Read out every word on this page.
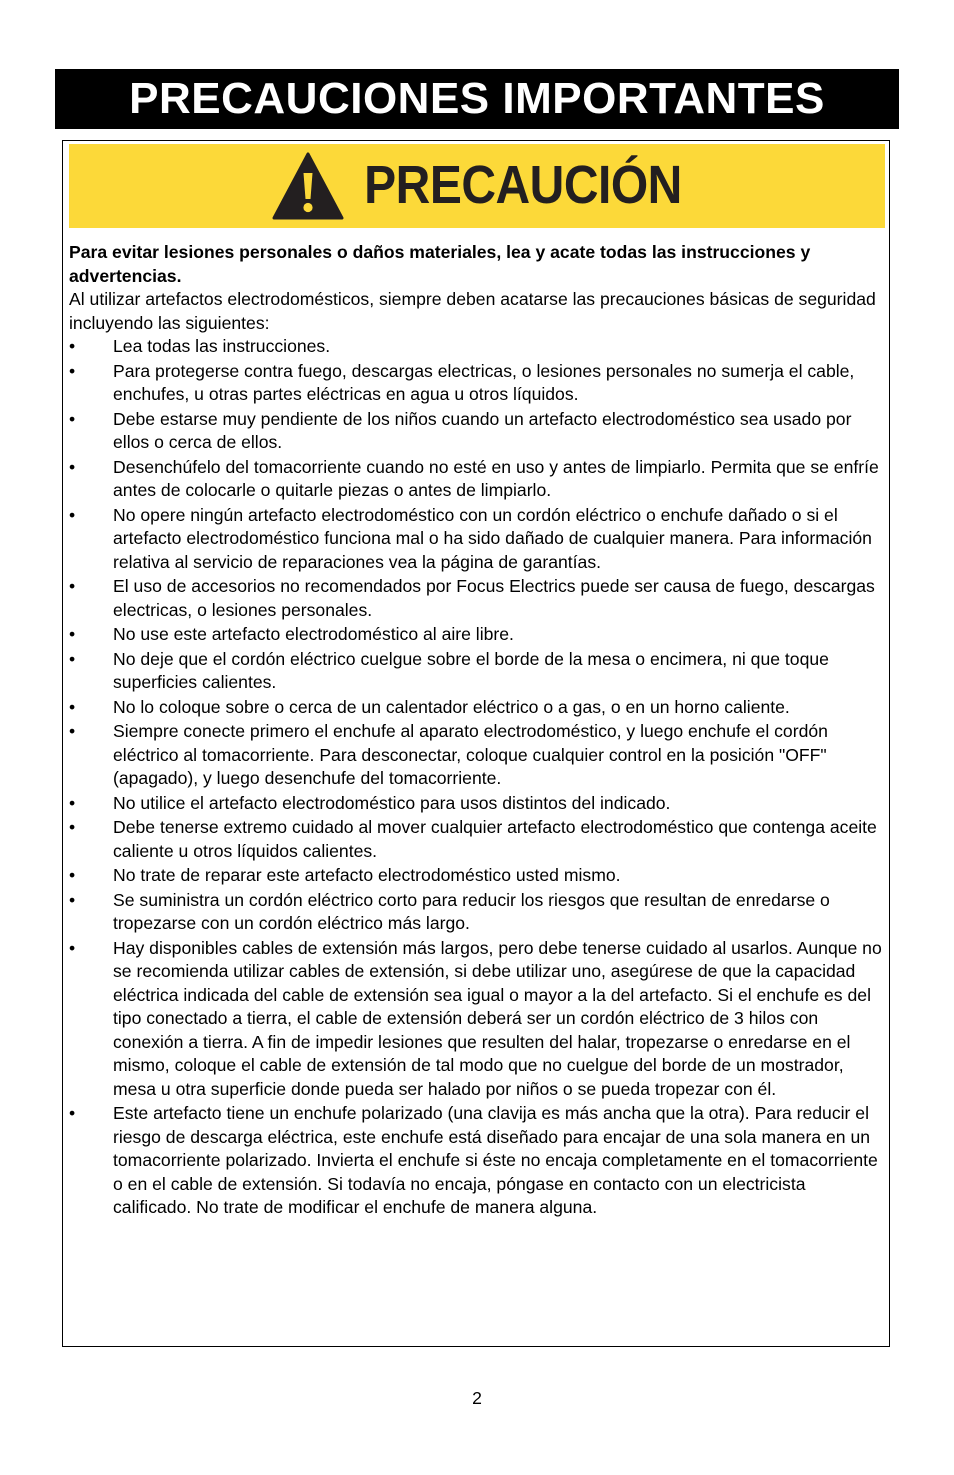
PRECAUCIONES IMPORTANTES
PRECAUCIÓN

Para evitar lesiones personales o daños materiales, lea y acate todas las instrucciones y advertencias.

Al utilizar artefactos electrodomésticos, siempre deben acatarse las precauciones básicas de seguridad incluyendo las siguientes:

• Lea todas las instrucciones.
• Para protegerse contra fuego, descargas electricas, o lesiones personales no sumerja el cable, enchufes, u otras partes eléctricas en agua u otros líquidos.
• Debe estarse muy pendiente de los niños cuando un artefacto electrodoméstico sea usado por ellos o cerca de ellos.
• Desenchúfelo del tomacorriente cuando no esté en uso y antes de limpiarlo. Permita que se enfríe antes de colocarle o quitarle piezas o antes de limpiarlo.
• No opere ningún artefacto electrodoméstico con un cordón eléctrico o enchufe dañado o si el artefacto electrodoméstico funciona mal o ha sido dañado de cualquier manera. Para información relativa al servicio de reparaciones vea la página de garantías.
• El uso de accesorios no recomendados por Focus Electrics puede ser causa de fuego, descargas electricas, o lesiones personales.
• No use este artefacto electrodoméstico al aire libre.
• No deje que el cordón eléctrico cuelgue sobre el borde de la mesa o encimera, ni que toque superficies calientes.
• No lo coloque sobre o cerca de un calentador eléctrico o a gas, o en un horno caliente.
• Siempre conecte primero el enchufe al aparato electrodoméstico, y luego enchufe el cordón eléctrico al tomacorriente. Para desconectar, coloque cualquier control en la posición "OFF" (apagado), y luego desenchufe del tomacorriente.
• No utilice el artefacto electrodoméstico para usos distintos del indicado.
• Debe tenerse extremo cuidado al mover cualquier artefacto electrodoméstico que contenga aceite caliente u otros líquidos calientes.
• No trate de reparar este artefacto electrodoméstico usted mismo.
• Se suministra un cordón eléctrico corto para reducir los riesgos que resultan de enredarse o tropezarse con un cordón eléctrico más largo.
• Hay disponibles cables de extensión más largos, pero debe tenerse cuidado al usarlos. Aunque no se recomienda utilizar cables de extensión, si debe utilizar uno, asegúrese de que la capacidad eléctrica indicada del cable de extensión sea igual o mayor a la del artefacto. Si el enchufe es del tipo conectado a tierra, el cable de extensión deberá ser un cordón eléctrico de 3 hilos con conexión a tierra. A fin de impedir lesiones que resulten del halar, tropezarse o enredarse en el mismo, coloque el cable de extensión de tal modo que no cuelgue del borde de un mostrador, mesa u otra superficie donde pueda ser halado por niños o se pueda tropezar con él.
• Este artefacto tiene un enchufe polarizado (una clavija es más ancha que la otra). Para reducir el riesgo de descarga eléctrica, este enchufe está diseñado para encajar de una sola manera en un tomacorriente polarizado. Invierta el enchufe si éste no encaja completamente en el tomacorriente o en el cable de extensión. Si todavía no encaja, póngase en contacto con un electricista calificado. No trate de modificar el enchufe de manera alguna.
2
